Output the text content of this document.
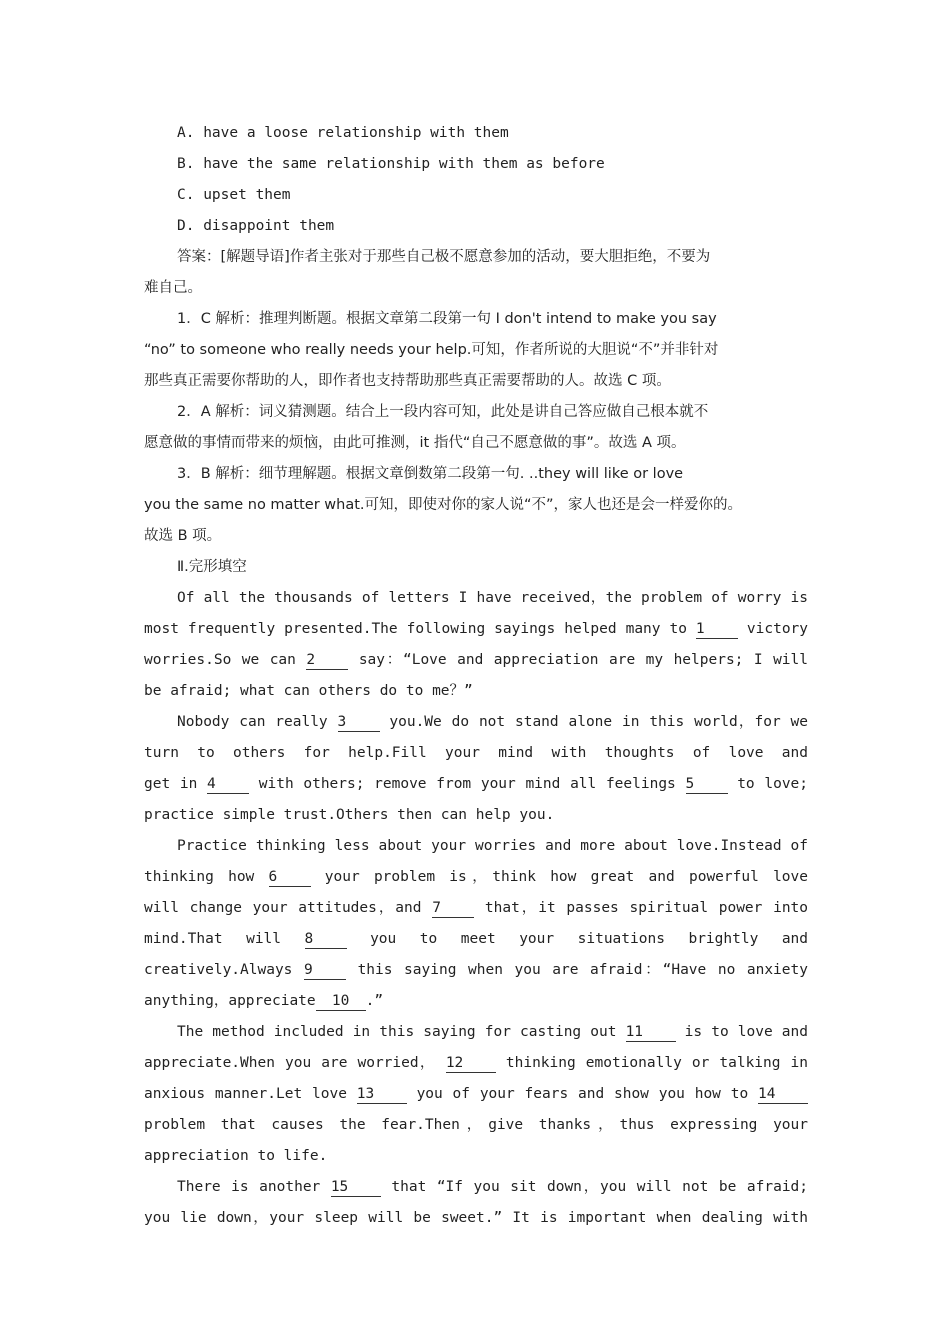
A. have a loose relationship with them
B. have the same relationship with them as before
C. upset them
D. disappoint them
答案：[解题导语]作者主张对于那些自己极不愿意参加的活动，要大胆拒绝，不要为
难自己。
1．C 解析：推理判断题。根据文章第二段第一句 I don't intend to make you say
“no” to someone who really needs your help.可知，作者所说的大胆说“不”并非针对
那些真正需要你帮助的人，即作者也支持帮助那些真正需要帮助的人。故选 C 项。
2．A 解析：词义猜测题。结合上一段内容可知，此处是讲自己答应做自己根本就不
愿意做的事情而带来的烦恼，由此可推测，it 指代“自己不愿意做的事”。故选 A 项。
3．B 解析：细节理解题。根据文章倒数第二段第一句. ..they will like or love
you the same no matter what.可知，即使对你的家人说“不”，家人也还是会一样爱你的。
故选 B 项。
Ⅱ.完形填空
Of all the thousands of letters I have received，the problem of worry is
most frequently presented.The following sayings helped many to 1	victory
worries.So we can 2	say：“Love and appreciation are my helpers; I will
be afraid; what can others do to me？”
Nobody can really 3	you.We do not stand alone in this world，for we
turn to others for help.Fill your mind with thoughts of love and
get in 4	with others; remove from your mind all feelings 5	to love;
practice simple trust.Others then can help you.
Practice thinking less about your worries and more about love.Instead of
thinking how 6	your problem is，think how great and powerful love
will change your attitudes，and 7	that，it passes spiritual power into
mind.That will 8	you to meet your situations brightly and
creatively.Always 9	this saying when you are afraid：“Have no anxiety
anything，appreciate 10 .”
The method included in this saying for casting out 11	is to love and
appreciate.When you are worried， 12	thinking emotionally or talking in
anxious manner.Let love 13	you of your fears and show you how to 14
problem that causes the fear.Then，give thanks，thus expressing your
appreciation to life.
There is another 15	that “If you sit down，you will not be afraid;
you lie down，your sleep will be sweet.” It is important when dealing with
